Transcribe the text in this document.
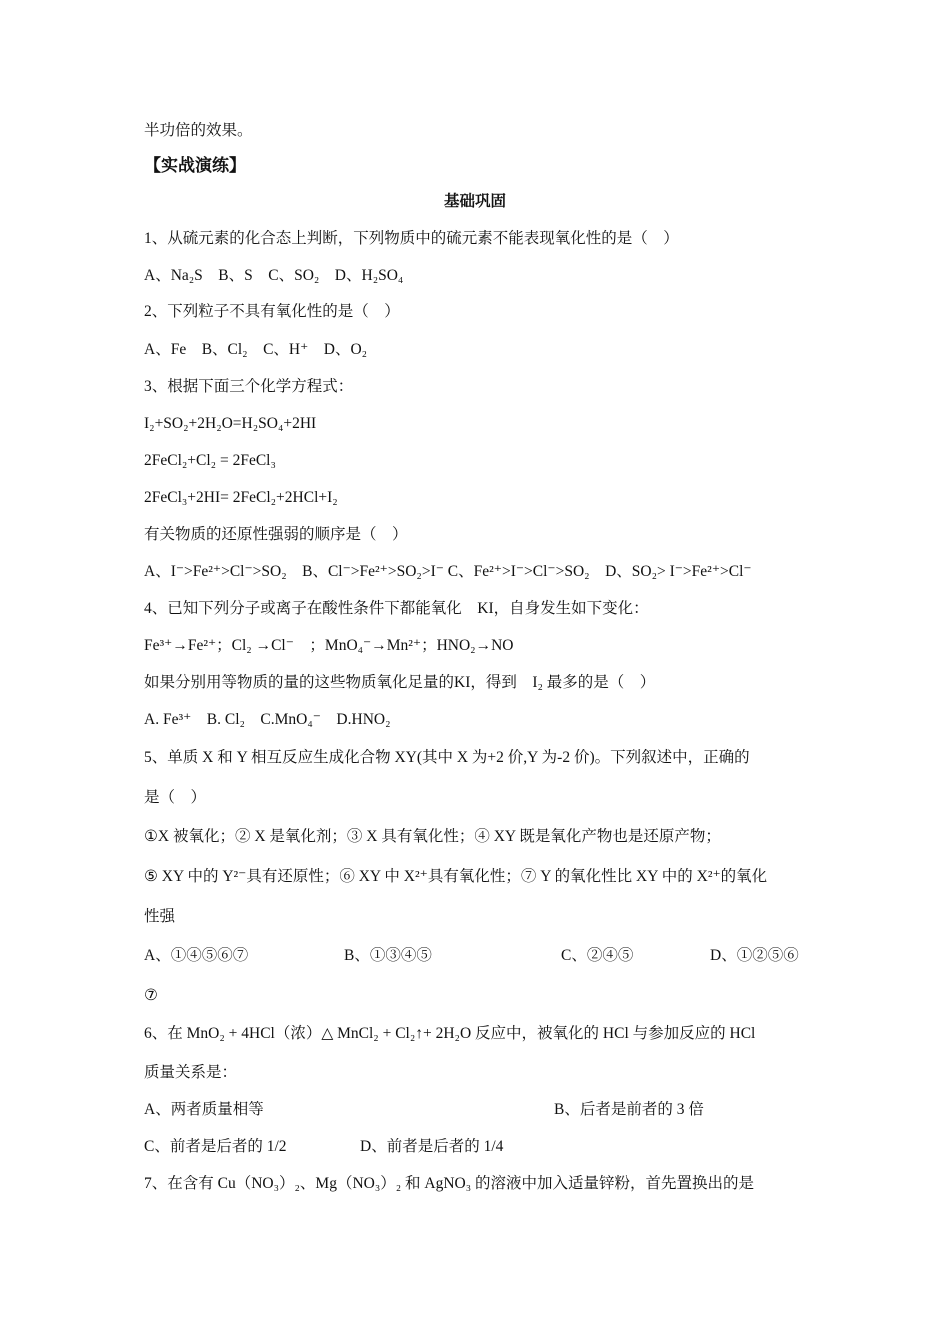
半功倍的效果。
【实战演练】
基础巩固
1、从硫元素的化合态上判断，下列物质中的硫元素不能表现氧化性的是（　）
A、Na₂S　B、S　C、SO₂　D、H₂SO₄
2、下列粒子不具有氧化性的是（　）
A、Fe　B、Cl₂　C、H⁺　D、O₂
3、根据下面三个化学方程式：
I₂+SO₂+2H₂O=H₂SO₄+2HI
2FeCl₂+Cl₂ = 2FeCl₃
2FeCl₃+2HI= 2FeCl₂+2HCl+I₂
有关物质的还原性强弱的顺序是（　）
A、I⁻>Fe²⁺>Cl⁻>SO₂　B、Cl⁻>Fe²⁺>SO₂>I⁻ C、Fe²⁺>I⁻>Cl⁻>SO₂　D、SO₂> I⁻>Fe²⁺>Cl⁻
4、已知下列分子或离子在酸性条件下都能氧化　KI，自身发生如下变化：
Fe³⁺→Fe²⁺；Cl₂ →Cl⁻　；MnO₄⁻→Mn²⁺；HNO₂→NO
如果分别用等物质的量的这些物质氧化足量的KI，得到　I₂ 最多的是（　）
A. Fe³⁺　B. Cl₂　C.MnO₄⁻　D.HNO₂
5、单质 X 和 Y 相互反应生成化合物 XY(其中 X 为+2 价,Y 为-2 价)。下列叙述中，正确的
是（　）
①X 被氧化；② X 是氧化剂；③ X 具有氧化性；④ XY 既是氧化产物也是还原产物；
⑤ XY 中的 Y²⁻具有还原性；⑥ XY 中 X²⁺具有氧化性；⑦ Y 的氧化性比 XY 中的 X²⁺的氧化
性强
A、①④⑤⑥⑦	B、①③④⑤	C、②④⑤	D、①②⑤⑥
⑦
6、在 MnO₂ + 4HCl（浓）△ MnCl₂ + Cl₂↑+ 2H₂O 反应中，被氧化的 HCl 与参加反应的 HCl
质量关系是：
A、两者质量相等	B、后者是前者的 3 倍
C、前者是后者的 1/2	D、前者是后者的 1/4
7、在含有 Cu（NO₃）₂、Mg（NO₃）₂ 和 AgNO₃ 的溶液中加入适量锌粉，首先置换出的是
